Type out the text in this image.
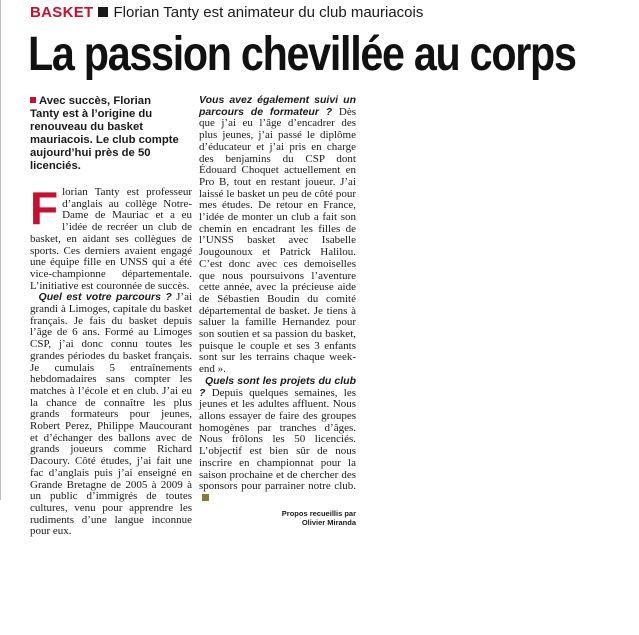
BASKET Florian Tanty est animateur du club mauriacois
La passion chevillée au corps
Avec succès, Florian Tanty est à l’origine du renouveau du basket mauriacois. Le club compte aujourd’hui près de 50 licenciés.

Florian Tanty est professeur d’anglais au collège Notre-Dame de Mauriac et a eu l’idée de recréer un club de basket, en aidant ses collègues de sports. Ces derniers avaient engagé une équipe fille en UNSS qui a été vice-championne départementale. L’initiative est couronnée de succès.

Quel est votre parcours ? J’ai grandi à Limoges, capitale du basket français. Je fais du basket depuis l’âge de 6 ans. Formé au Limoges CSP, j’ai donc connu toutes les grandes périodes du basket français. Je cumulais 5 entraînements hebdomadaires sans compter les matches à l’école et en club. J’ai eu la chance de connaître les plus grands formateurs pour jeunes, Robert Perez, Philippe Maucourant et d’échanger des ballons avec de grands joueurs comme Richard Dacoury. Côté études, j’ai fait une fac d’anglais puis j’ai enseigné en Grande Bretagne de 2005 à 2009 à un public d’immigrés de toutes cultures, venu pour apprendre les rudiments d’une langue inconnue pour eux.

Vous avez également suivi un parcours de formateur ? Dès que j’ai eu l’âge d’encadrer des plus jeunes, j’ai passé le diplôme d’éducateur et j’ai pris en charge des benjamins du CSP dont Édouard Choquet actuellement en Pro B, tout en restant joueur. J’ai laissé le basket un peu de côté pour mes études. De retour en France, l’idée de monter un club a fait son chemin en encadrant les filles de l’UNSS basket avec Isabelle Jougounoux et Patrick Halilou. C’est donc avec ces demoiselles que nous poursuivons l’aventure cette année, avec la précieuse aide de Sébastien Boudin du comité départemental de basket. Je tiens à saluer la famille Hernandez pour son soutien et sa passion du basket, puisque le couple et ses 3 enfants sont sur les terrains chaque week-end ».

Quels sont les projets du club ? Depuis quelques semaines, les jeunes et les adultes affluent. Nous allons essayer de faire des groupes homogènes par tranches d’âges. Nous frôlons les 50 licenciés. L’objectif est bien sûr de nous inscrire en championnat pour la saison prochaine et de chercher des sponsors pour parrainer notre club.

Propos recueillis par
Olivier Miranda
